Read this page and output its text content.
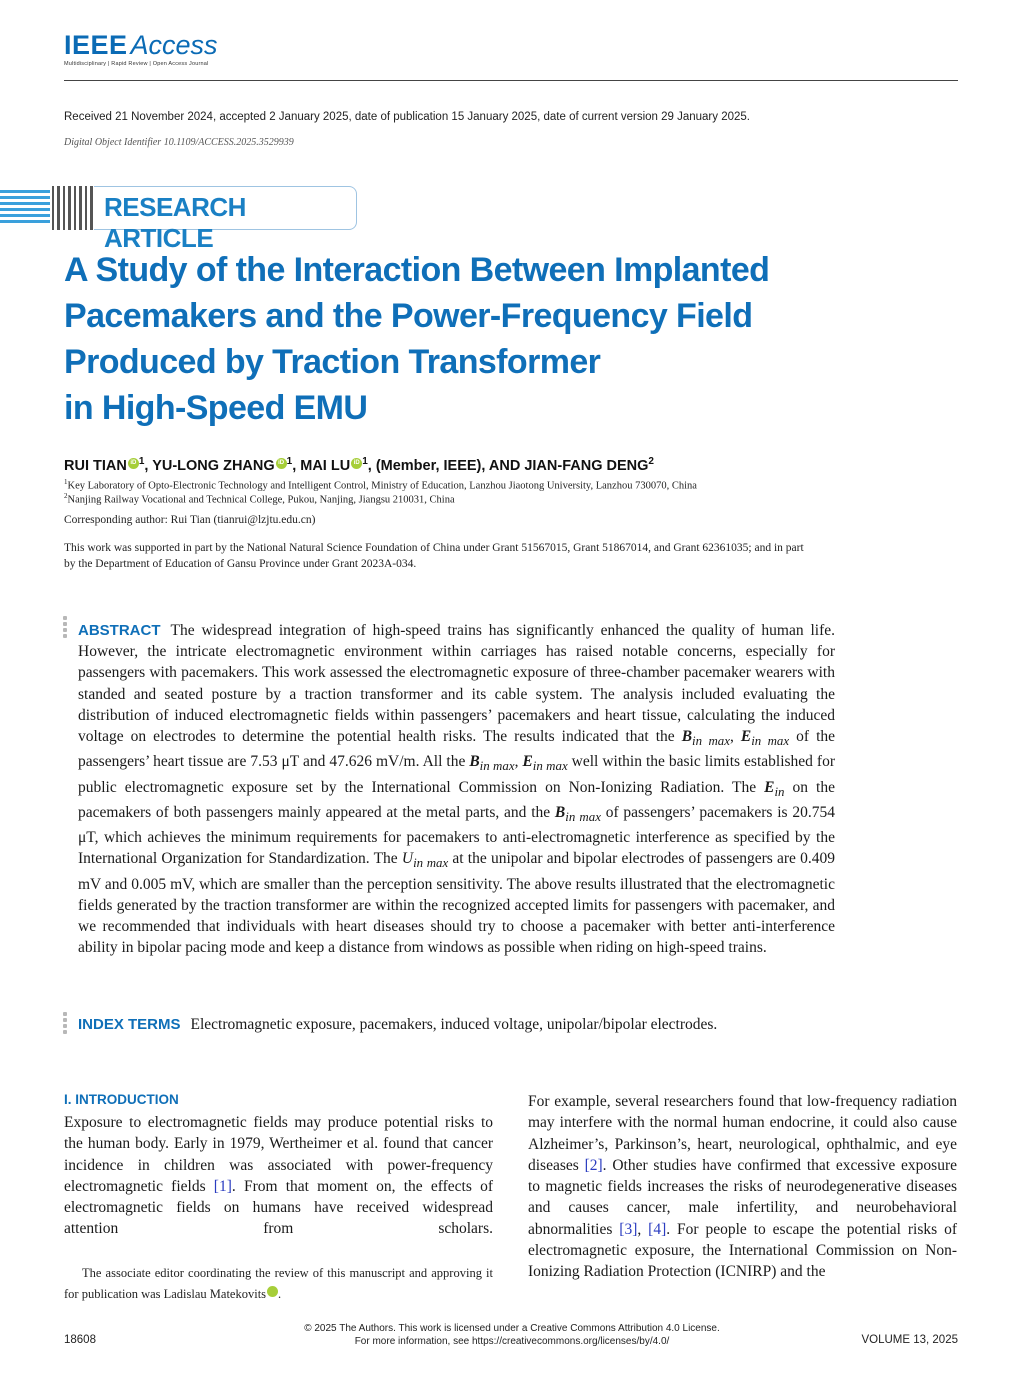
IEEE Access
Multidisciplinary | Rapid Review | Open Access Journal
Received 21 November 2024, accepted 2 January 2025, date of publication 15 January 2025, date of current version 29 January 2025.
Digital Object Identifier 10.1109/ACCESS.2025.3529939
RESEARCH ARTICLE
A Study of the Interaction Between Implanted
Pacemakers and the Power-Frequency Field
Produced by Traction Transformer
in High-Speed EMU
RUI TIAN iD $^1$, YU-LONG ZHANG iD $^1$, MAI LU iD $^1$, (Member, IEEE), AND JIAN-FANG DENG$^2$
$^1$Key Laboratory of Opto-Electronic Technology and Intelligent Control, Ministry of Education, Lanzhou Jiaotong University, Lanzhou 730070, China
$^2$Nanjing Railway Vocational and Technical College, Pukou, Nanjing, Jiangsu 210031, China
Corresponding author: Rui Tian (tianrui@lzjtu.edu.cn)
This work was supported in part by the National Natural Science Foundation of China under Grant 51567015, Grant 51867014, and Grant 62361035; and in part by the Department of Education of Gansu Province under Grant 2023A-034.
ABSTRACT The widespread integration of high-speed trains has significantly enhanced the quality of human life. However, the intricate electromagnetic environment within carriages has raised notable concerns, especially for passengers with pacemakers. This work assessed the electromagnetic exposure of three-chamber pacemaker wearers with standed and seated posture by a traction transformer and its cable system. The analysis included evaluating the distribution of induced electromagnetic fields within passengers’ pacemakers and heart tissue, calculating the induced voltage on electrodes to determine the potential health risks. The results indicated that the $B_{in max}$, $E_{in max}$ of the passengers’ heart tissue are 7.53 μT and 47.626 mV/m. All the $B_{in max}$, $E_{in max}$ well within the basic limits established for public electromagnetic exposure set by the International Commission on Non-Ionizing Radiation. The $E_{in}$ on the pacemakers of both passengers mainly appeared at the metal parts, and the $B_{in max}$ of passengers’ pacemakers is 20.754 μT, which achieves the minimum requirements for pacemakers to anti-electromagnetic interference as specified by the International Organization for Standardization. The $U_{in max}$ at the unipolar and bipolar electrodes of passengers are 0.409 mV and 0.005 mV, which are smaller than the perception sensitivity. The above results illustrated that the electromagnetic fields generated by the traction transformer are within the recognized accepted limits for passengers with pacemaker, and we recommended that individuals with heart diseases should try to choose a pacemaker with better anti-interference ability in bipolar pacing mode and keep a distance from windows as possible when riding on high-speed trains.
INDEX TERMS Electromagnetic exposure, pacemakers, induced voltage, unipolar/bipolar electrodes.
I. INTRODUCTION
Exposure to electromagnetic fields may produce potential risks to the human body. Early in 1979, Wertheimer et al. found that cancer incidence in children was associated with power-frequency electromagnetic fields [1]. From that moment on, the effects of electromagnetic fields on humans have received widespread attention from scholars.
The associate editor coordinating the review of this manuscript and approving it for publication was Ladislau Matekovits	iD.
For example, several researchers found that low-frequency radiation may interfere with the normal human endocrine, it could also cause Alzheimer’s, Parkinson’s, heart, neurological, ophthalmic, and eye diseases [2]. Other studies have confirmed that excessive exposure to magnetic fields increases the risks of neurodegenerative diseases and causes cancer, male infertility, and neurobehavioral abnormalities [3], [4]. For people to escape the potential risks of electromagnetic exposure, the International Commission on Non-Ionizing Radiation Protection (ICNIRP) and the
© 2025 The Authors. This work is licensed under a Creative Commons Attribution 4.0 License.
For more information, see https://creativecommons.org/licenses/by/4.0/
18608	VOLUME 13, 2025
